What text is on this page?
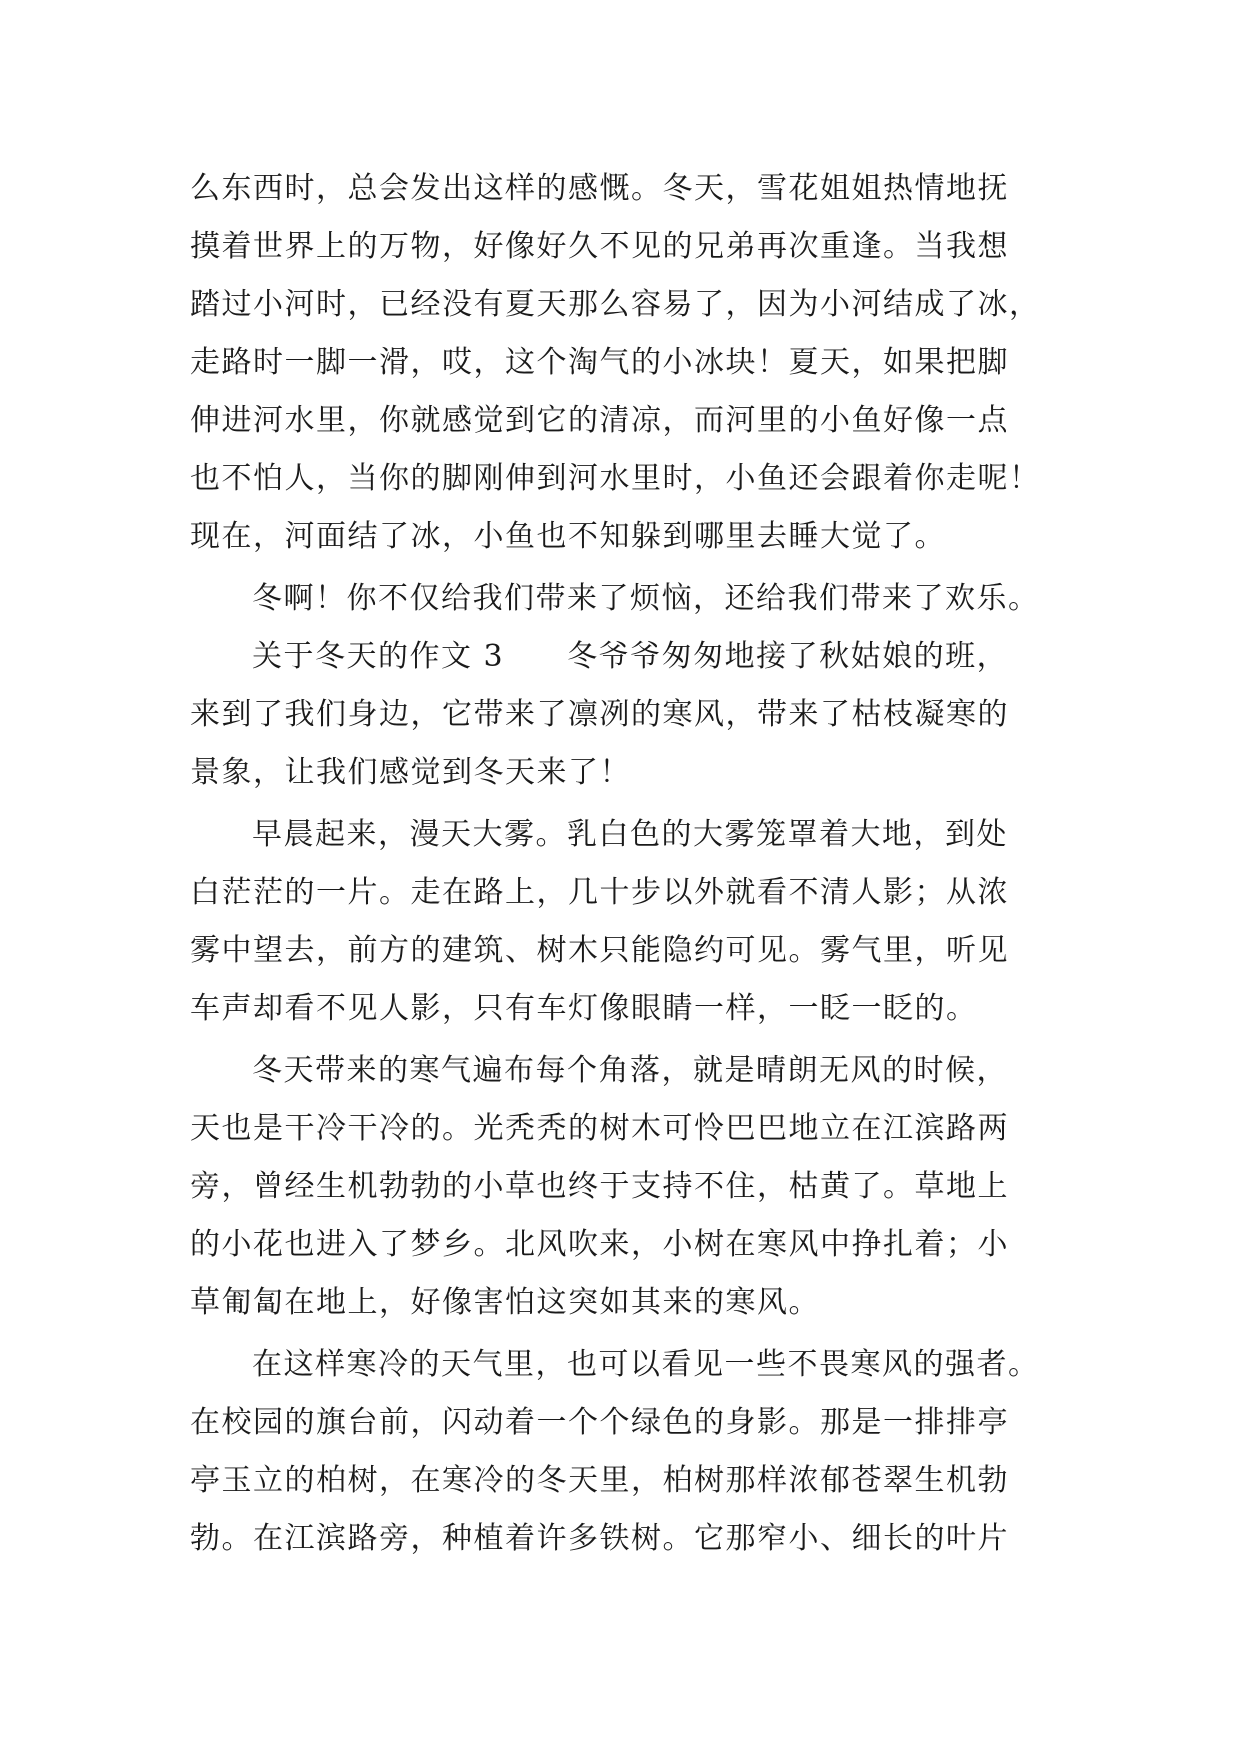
么东西时，总会发出这样的感慨。冬天，雪花姐姐热情地抚
摸着世界上的万物，好像好久不见的兄弟再次重逢。当我想
踏过小河时，已经没有夏天那么容易了，因为小河结成了冰，
走路时一脚一滑，哎，这个淘气的小冰块！夏天，如果把脚
伸进河水里，你就感觉到它的清凉，而河里的小鱼好像一点
也不怕人，当你的脚刚伸到河水里时，小鱼还会跟着你走呢！
现在，河面结了冰，小鱼也不知躲到哪里去睡大觉了。
冬啊！你不仅给我们带来了烦恼，还给我们带来了欢乐。
关于冬天的作文 3　　冬爷爷匆匆地接了秋姑娘的班，
来到了我们身边，它带来了凛冽的寒风，带来了枯枝凝寒的
景象，让我们感觉到冬天来了！
早晨起来，漫天大雾。乳白色的大雾笼罩着大地，到处
白茫茫的一片。走在路上，几十步以外就看不清人影；从浓
雾中望去，前方的建筑、树木只能隐约可见。雾气里，听见
车声却看不见人影，只有车灯像眼睛一样，一眨一眨的。
冬天带来的寒气遍布每个角落，就是晴朗无风的时候，
天也是干冷干冷的。光秃秃的树木可怜巴巴地立在江滨路两
旁，曾经生机勃勃的小草也终于支持不住，枯黄了。草地上
的小花也进入了梦乡。北风吹来，小树在寒风中挣扎着；小
草匍匐在地上，好像害怕这突如其来的寒风。
在这样寒冷的天气里，也可以看见一些不畏寒风的强者。
在校园的旗台前，闪动着一个个绿色的身影。那是一排排亭
亭玉立的柏树，在寒冷的冬天里，柏树那样浓郁苍翠生机勃
勃。在江滨路旁，种植着许多铁树。它那窄小、细长的叶片
